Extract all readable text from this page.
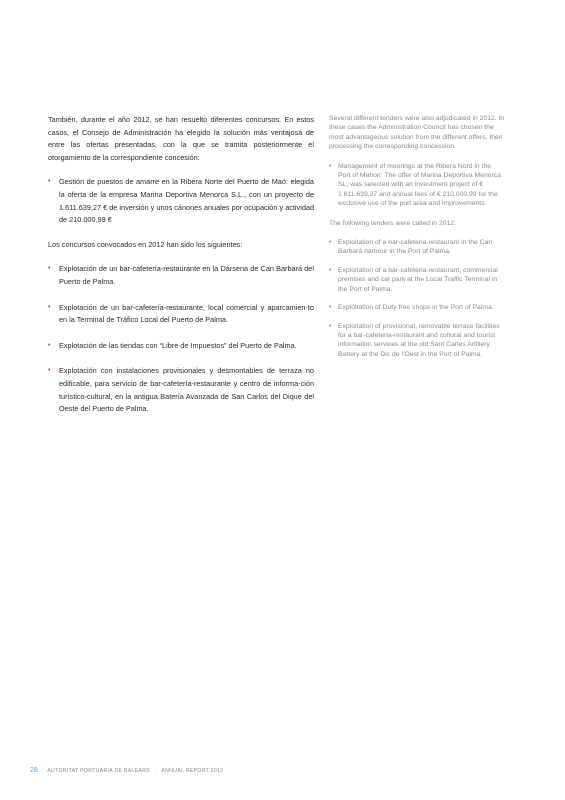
También, durante el año 2012, se han resuelto diferentes concursos. En estos casos, el Consejo de Administración ha elegido la solución más ventajosa de entre las ofertas presentadas, con la que se tramita posteriormente el otorgamiento de la correspondiente concesión:

• Gestión de puestos de amarre en la Ribera Norte del Puerto de Maó: elegida la oferta de la empresa Marina Deportiva Menorca S.L., con un proyecto de 1.611.639,27 € de inversión y unos cánones anuales por ocupación y actividad de 210.000,99 €

Los concursos convocados en 2012 han sido los siguientes:

• Explotación de un bar-cafetería-restaurante en la Dársena de Can Barbará del Puerto de Palma.
• Explotación de un bar-cafetería-restaurante, local comercial y aparcamien-to en la Terminal de Tráfico Local del Puerto de Palma.
• Explotación de las tiendas con “Libre de Impuestos” del Puerto de Palma.
• Explotación con instalaciones provisionales y desmontables de terraza no edificable, para servicio de bar-cafetería-restaurante y centro de informa-ción turístico-cultural, en la antigua Batería Avanzada de San Carlos del Dique del Oeste del Puerto de Palma.

Several different tenders were also adjudicated in 2012. In these cases the Administration Council has chosen the most advantageous solution from the different offers, then processing the corresponding concession.

• Management of moorings at the Ribera Nord in the Port of Mahon: The offer of Marina Deportiva Menorca SL, was selected with an investment project of € 1.611.639,27 and annual fees of € 210.000,99 for the exclusive use of the port area and improvements.

The following tenders were called in 2012:

• Exploitation of a bar-cafeteria-restaurant in the Can Barbará harbour in the Port of Palma.
• Exploitation of a bar-cafeteria-restaurant, commercial premises and car park at the Local Traffic Terminal in the Port of Palma.
• Exploitation of Duty free shops in the Port of Palma.
• Exploitation of provisional, removable terrace facilities for a bar-cafeteria-restaurant and cultural and tourist information services at the old Sant Carles Artillery Battery at the Dic de l’Oest in the Port of Palma.
28 AUTORITAT PORTUÀRIA DE BALEARS · ANNUAL REPORT 2012
